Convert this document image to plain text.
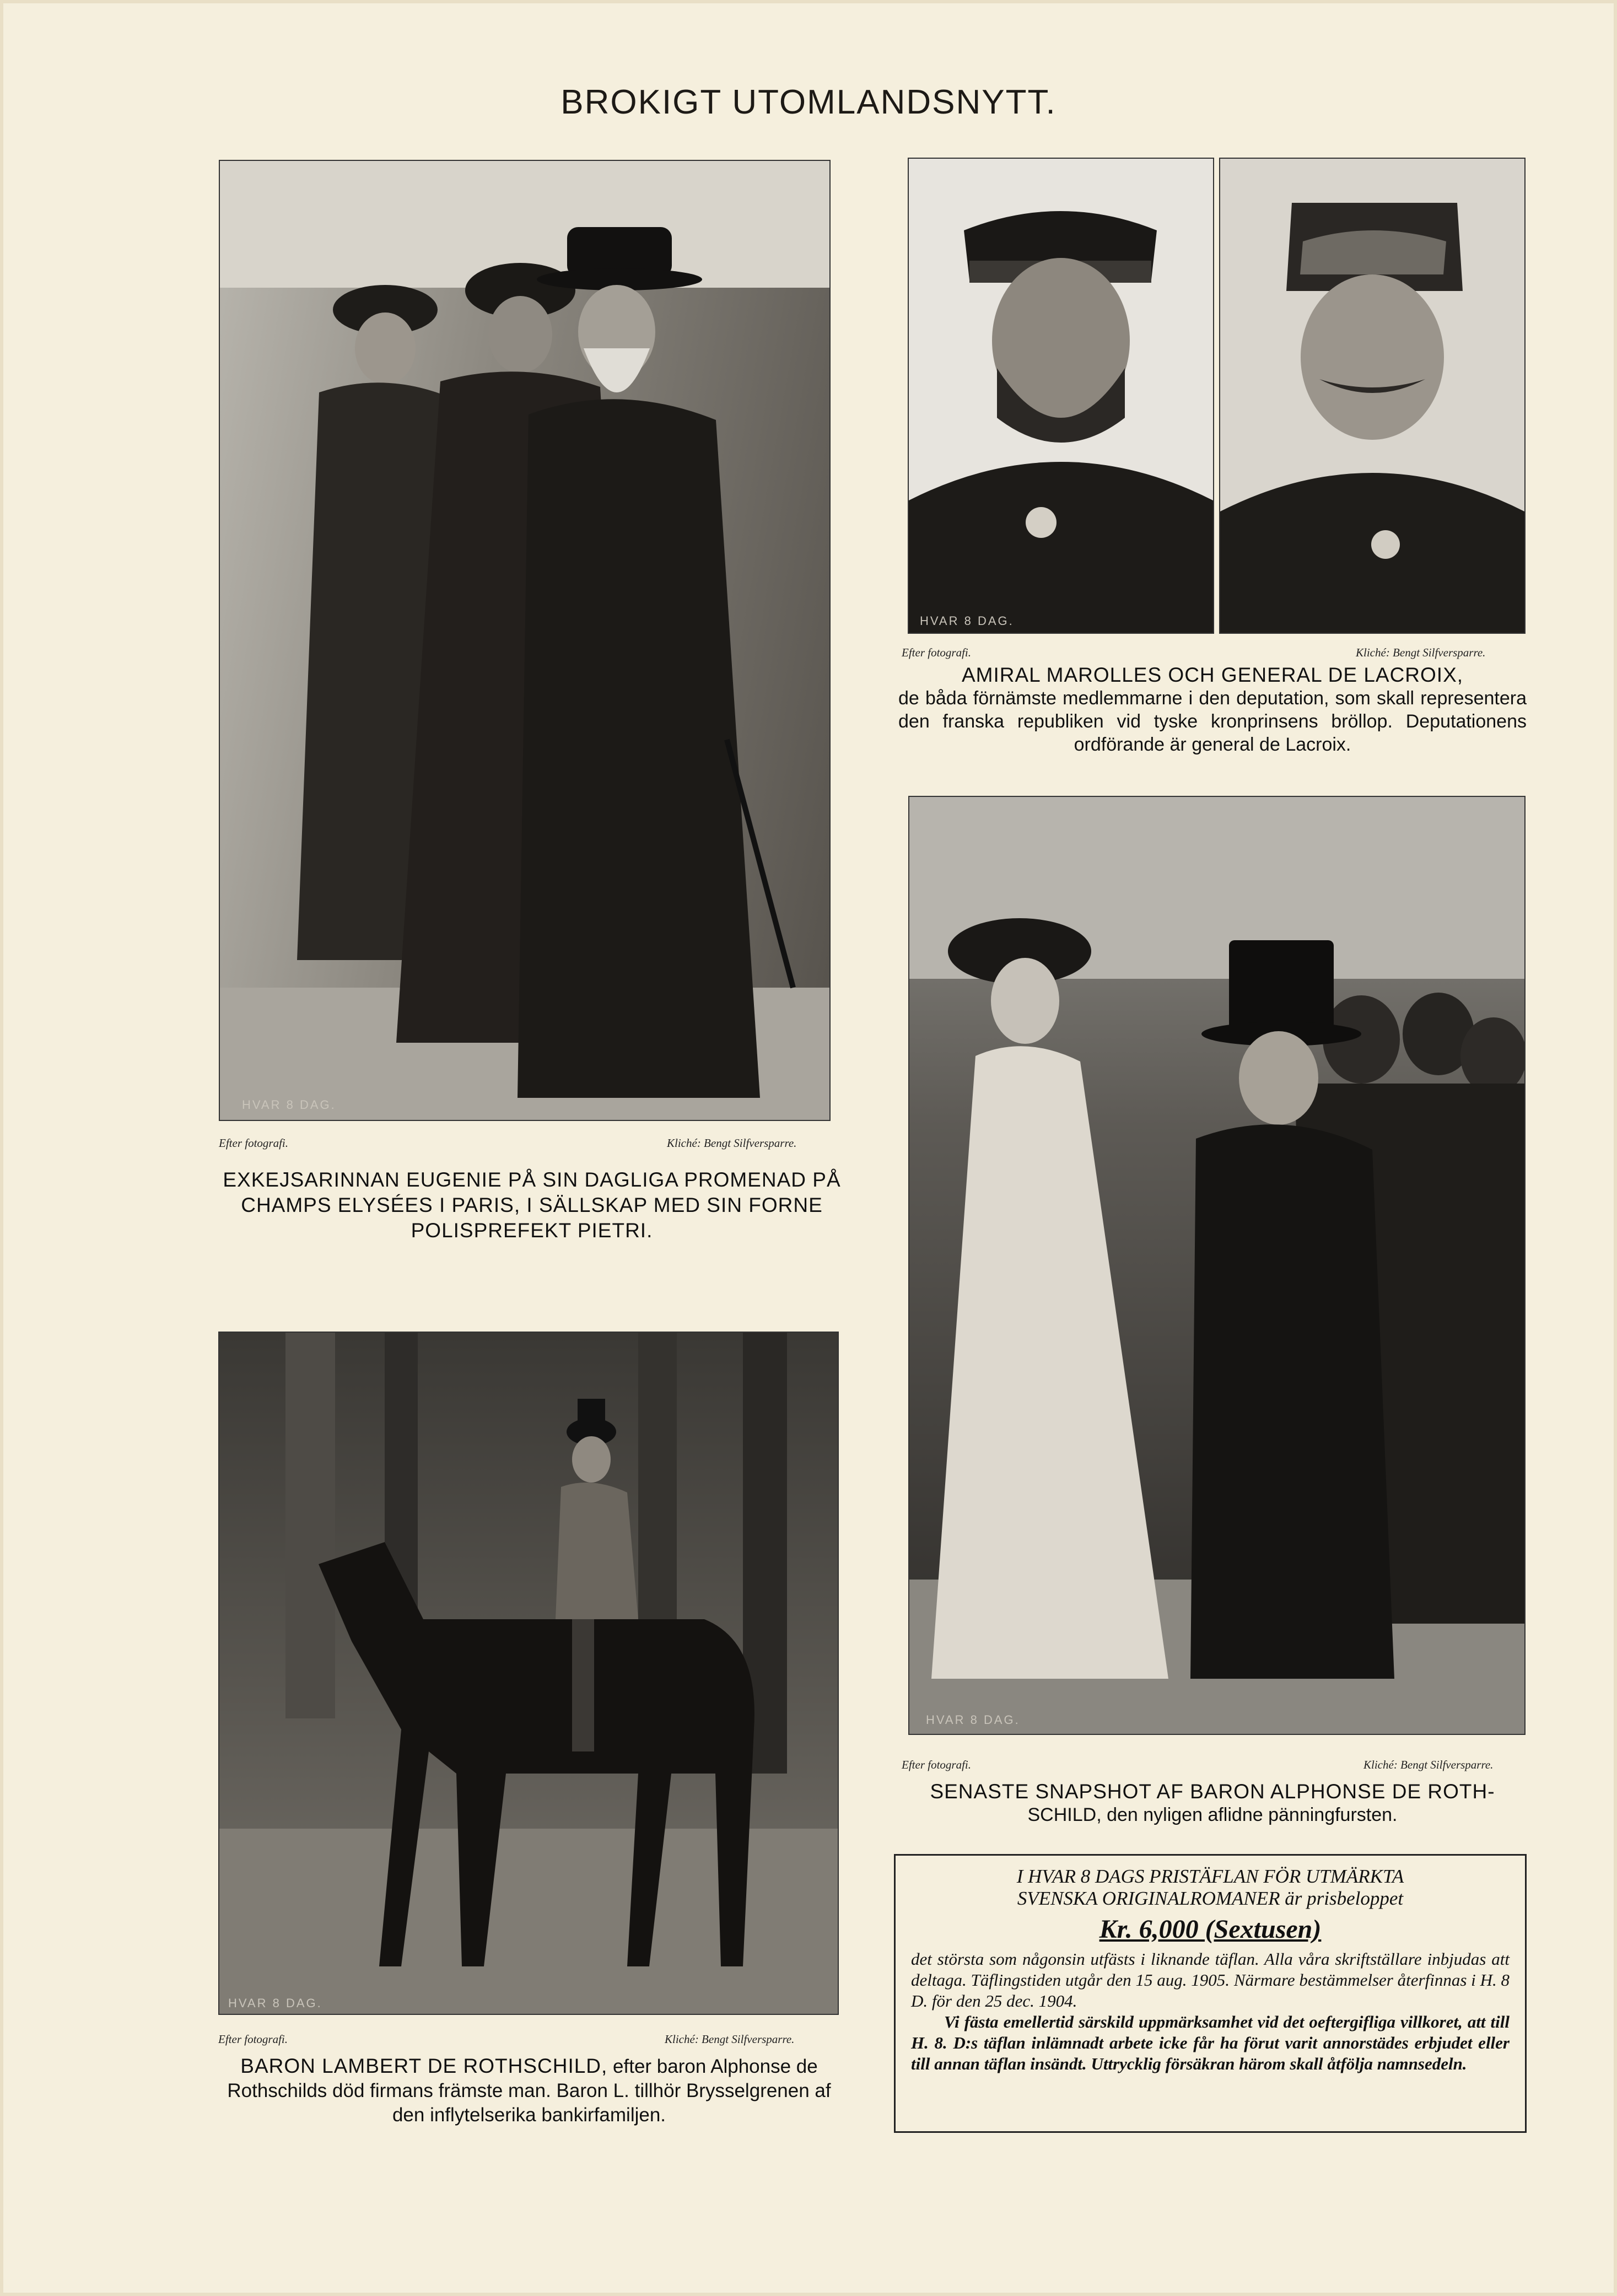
BROKIGT UTOMLANDSNYTT.
HVAR 8 DAG.
Efter fotografi.	Kliché: Bengt Silfversparre.

EXKEJSARINNAN EUGENIE PÅ SIN DAGLIGA PROMENAD PÅ CHAMPS ELYSÉES I PARIS, I SÄLLSKAP MED SIN FORNE POLISPREFEKT PIETRI.

HVAR 8 DAG.
Efter fotografi.	Kliché: Bengt Silfversparre.

AMIRAL MAROLLES OCH GENERAL DE LACROIX,

de båda förnämste medlemmarne i den deputation, som skall representera den franska republiken vid tyske kronprinsens bröllop. Deputationens ordförande är general de Lacroix.

HVAR 8 DAG.
Efter fotografi.	Kliché: Bengt Silfversparre.

SENASTE SNAPSHOT AF BARON ALPHONSE DE ROTH-

SCHILD, den nyligen aflidne pänningfursten.

HVAR 8 DAG.
Efter fotografi.	Kliché: Bengt Silfversparre.

BARON LAMBERT DE ROTHSCHILD, efter baron Alphonse de Rothschilds död firmans främste man. Baron L. tillhör Brysselgrenen af den inflytelserika bankirfamiljen.

I HVAR 8 DAGS PRISTÄFLAN FÖR UTMÄRKTA

SVENSKA ORIGINALROMANER är prisbeloppet

Kr. 6,000 (Sextusen)

det största som någonsin utfästs i liknande täflan. Alla våra skriftställare inbjudas att deltaga. Täflingstiden utgår den 15 aug. 1905. Närmare bestämmelser återfinnas i H. 8 D. för den 25 dec. 1904.

Vi fästa emellertid särskild uppmärksamhet vid det oeftergifliga villkoret, att till H. 8. D:s täflan inlämnadt arbete icke får ha förut varit annorstädes erbjudet eller till annan täflan insändt. Uttrycklig försäkran härom skall åtfölja namnsedeln.
